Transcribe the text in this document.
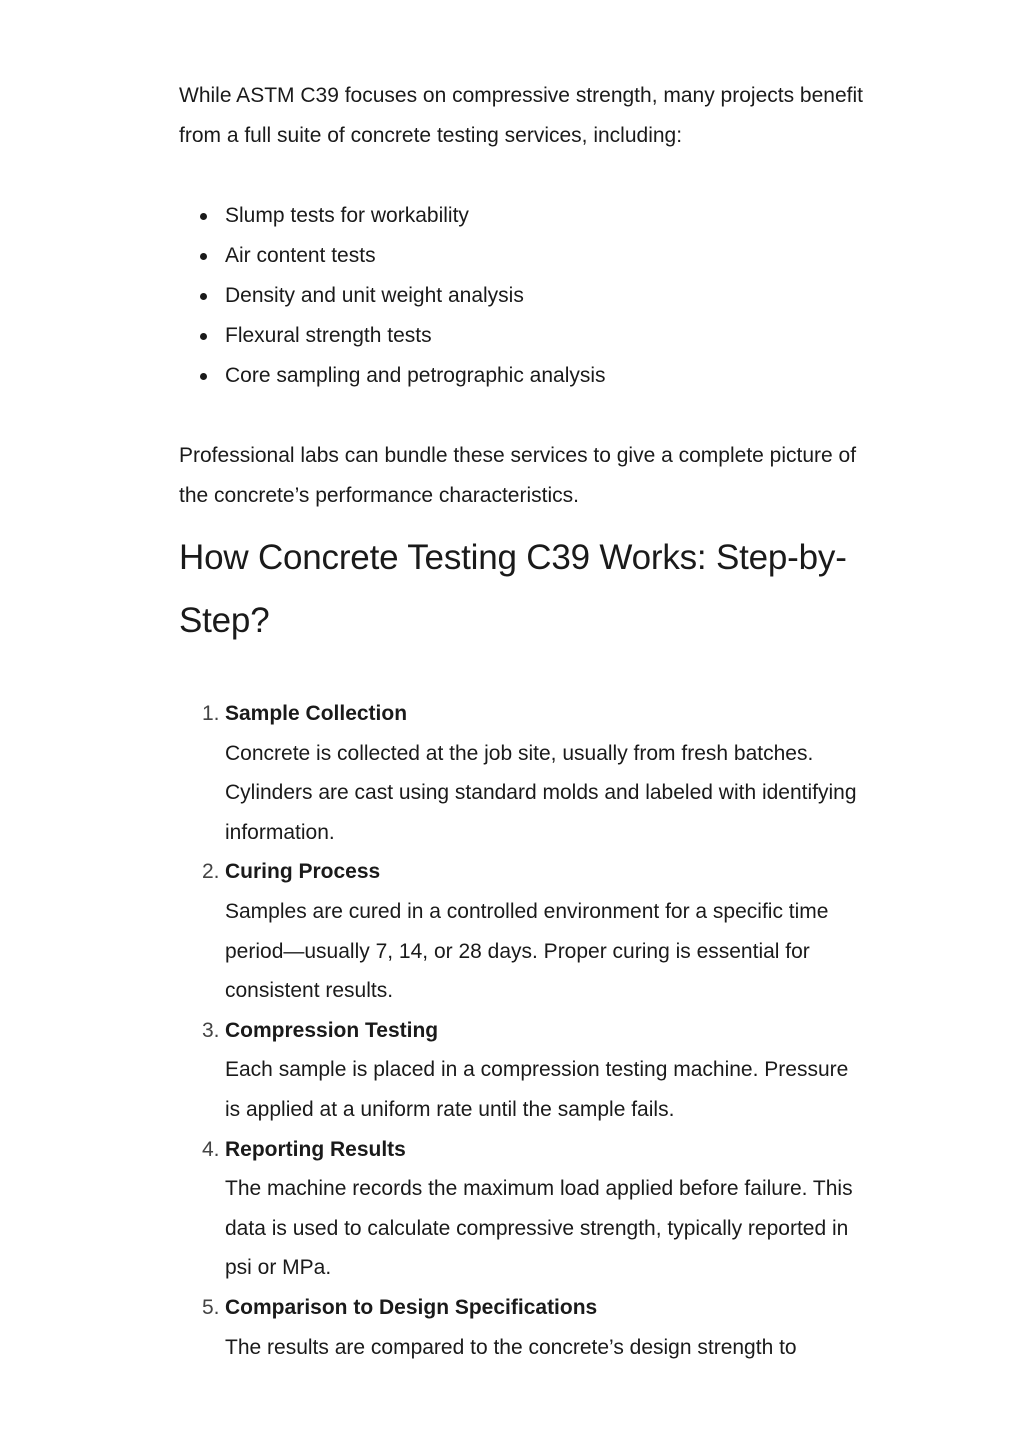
While ASTM C39 focuses on compressive strength, many projects benefit from a full suite of concrete testing services, including:

Slump tests for workability
Air content tests
Density and unit weight analysis
Flexural strength tests
Core sampling and petrographic analysis

Professional labs can bundle these services to give a complete picture of the concrete’s performance characteristics.

How Concrete Testing C39 Works: Step-by-Step?
1. Sample Collection
Concrete is collected at the job site, usually from fresh batches. Cylinders are cast using standard molds and labeled with identifying information.
2. Curing Process
Samples are cured in a controlled environment for a specific time period—usually 7, 14, or 28 days. Proper curing is essential for consistent results.
3. Compression Testing
Each sample is placed in a compression testing machine. Pressure is applied at a uniform rate until the sample fails.
4. Reporting Results
The machine records the maximum load applied before failure. This data is used to calculate compressive strength, typically reported in psi or MPa.
5. Comparison to Design Specifications
The results are compared to the concrete’s design strength to
